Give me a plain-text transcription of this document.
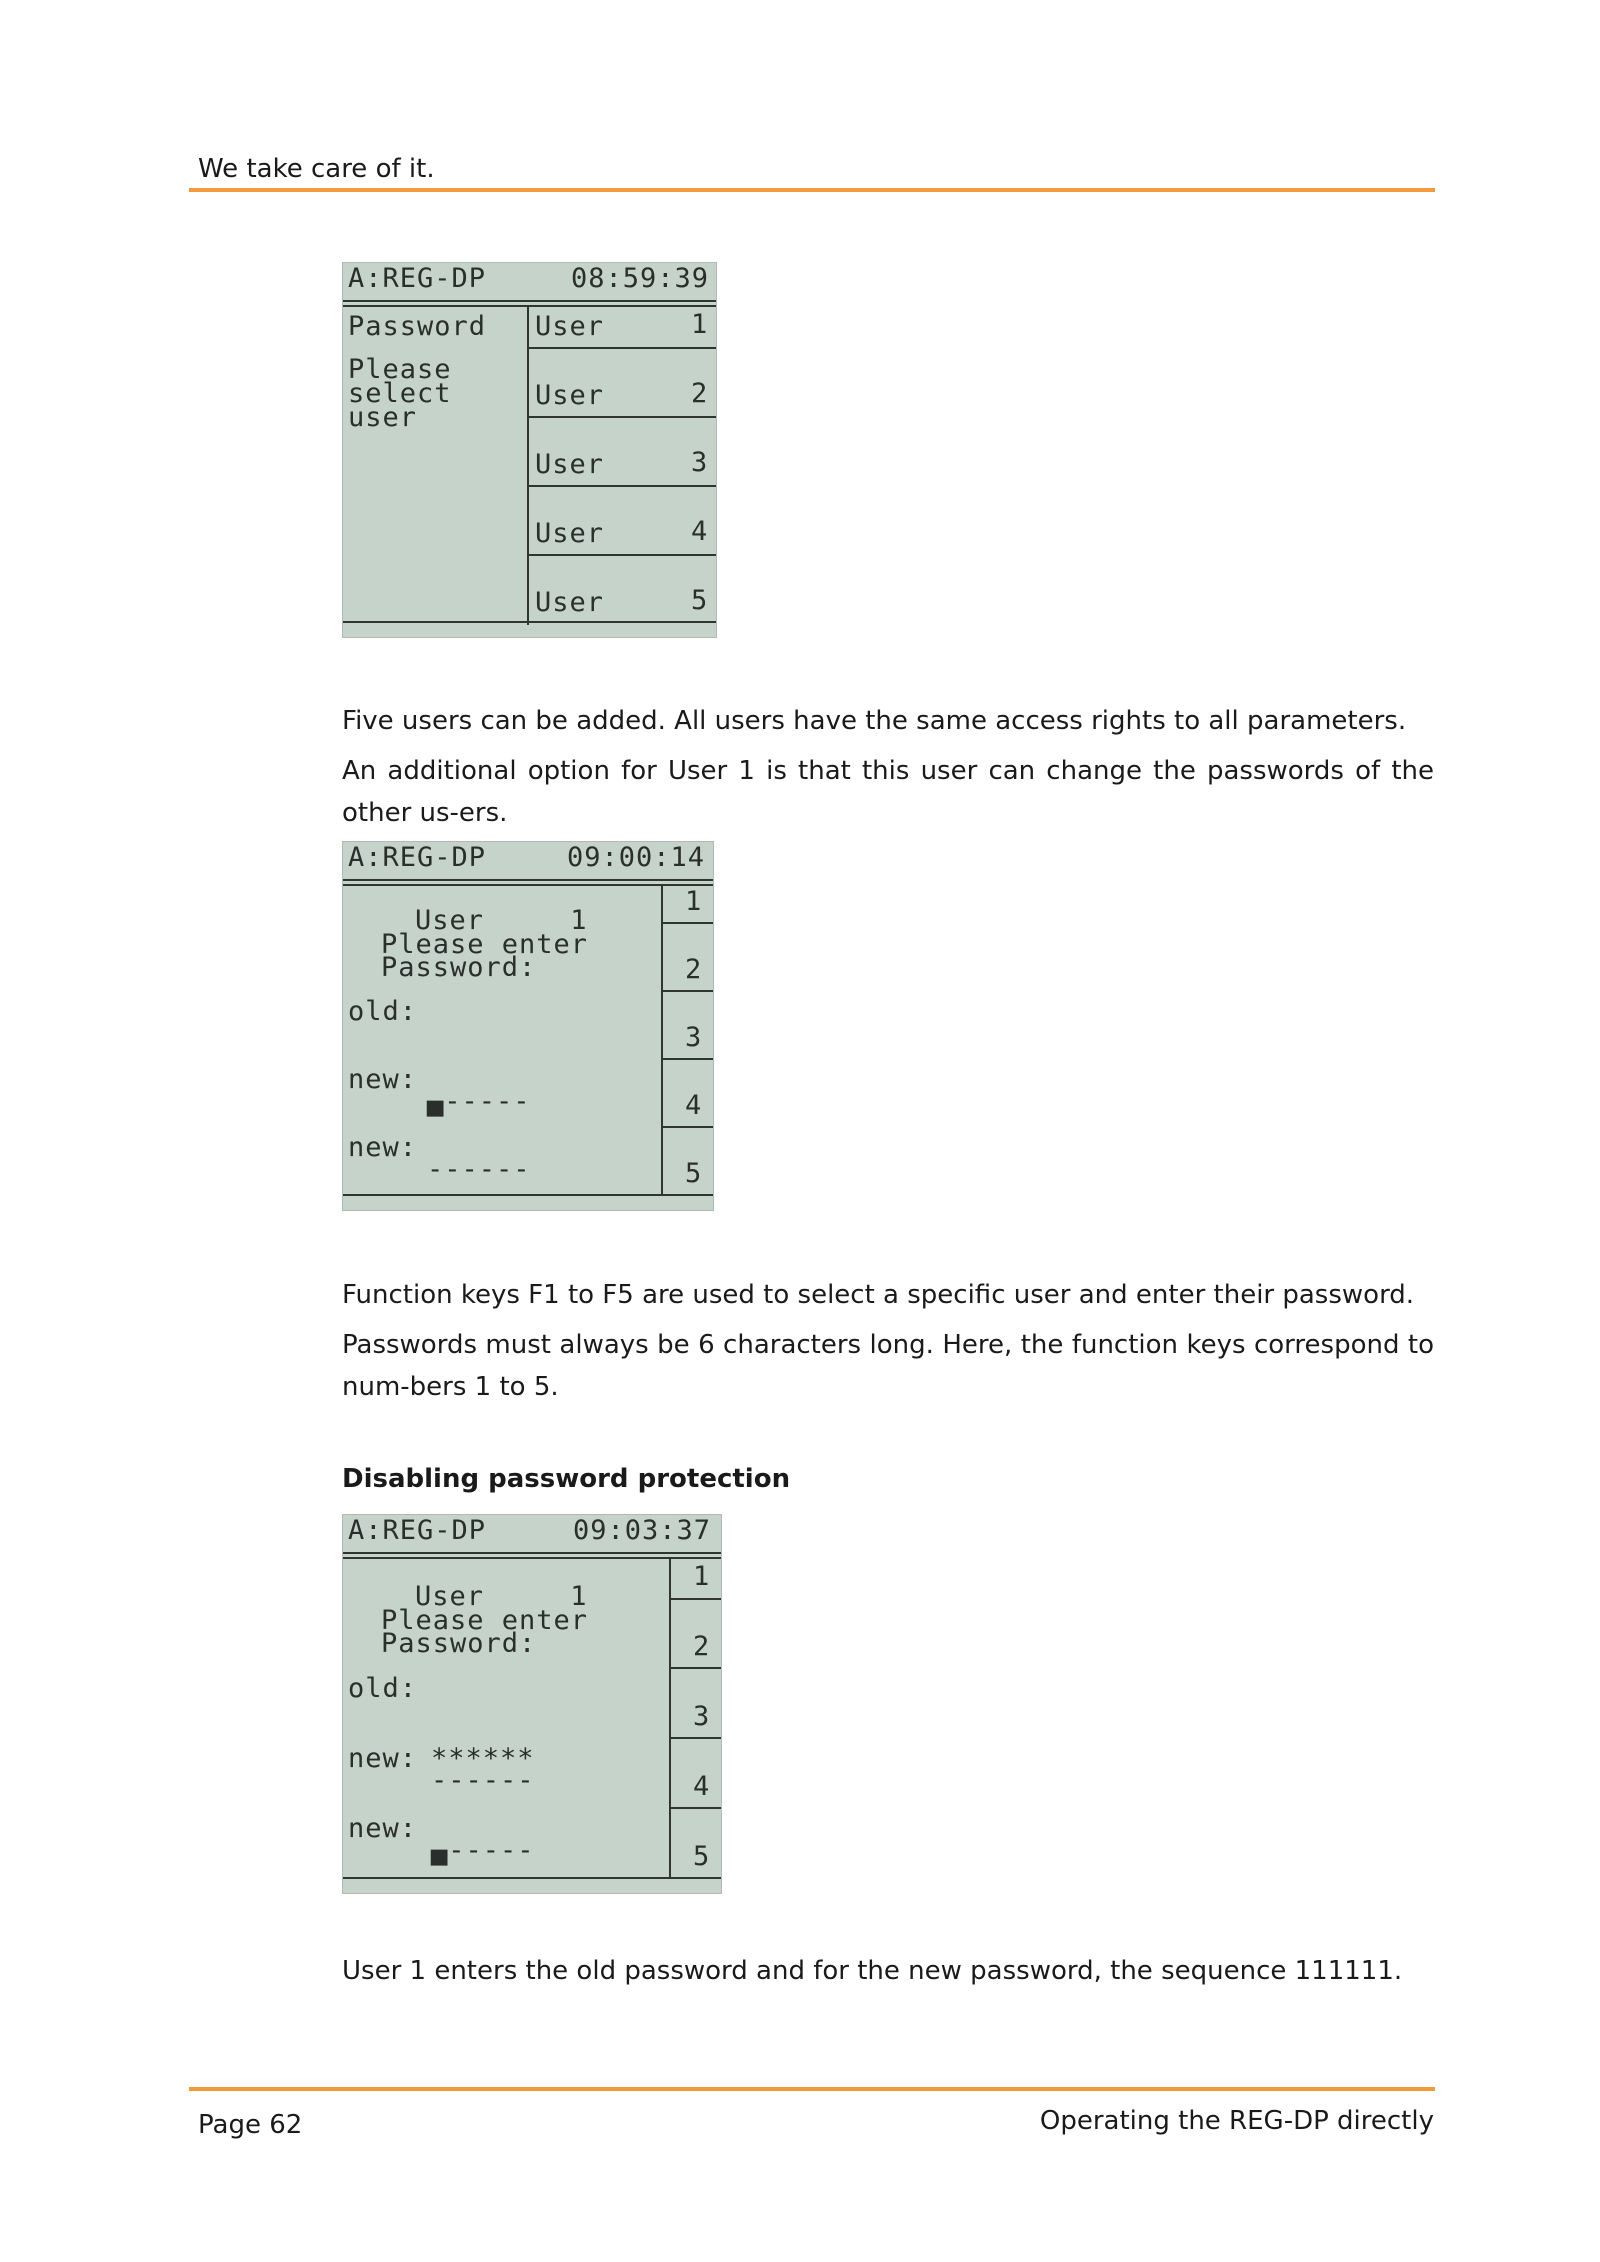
We take care of it.
A:REG-DP	08:59:39
Password
Please
select
user
User	1
User	2
User	3
User	4
User	5

Five users can be added. All users have the same access rights to all parameters.

An additional option for User 1 is that this user can change the passwords of the other us-ers.

A:REG-DP	09:00:14
User     1
Please enter
Password:
old:
new:
▄-----
new:
------
1
2
3
4
5

Function keys F1 to F5 are used to select a specific user and enter their password.

Passwords must always be 6 characters long. Here, the function keys correspond to num-bers 1 to 5.

Disabling password protection
A:REG-DP	09:03:37
User     1
Please enter
Password:
old:
new: ******
------
new:
▄-----
1
2
3
4
5

User 1 enters the old password and for the new password, the sequence 111111.

Page 62	Operating the REG-DP directly
